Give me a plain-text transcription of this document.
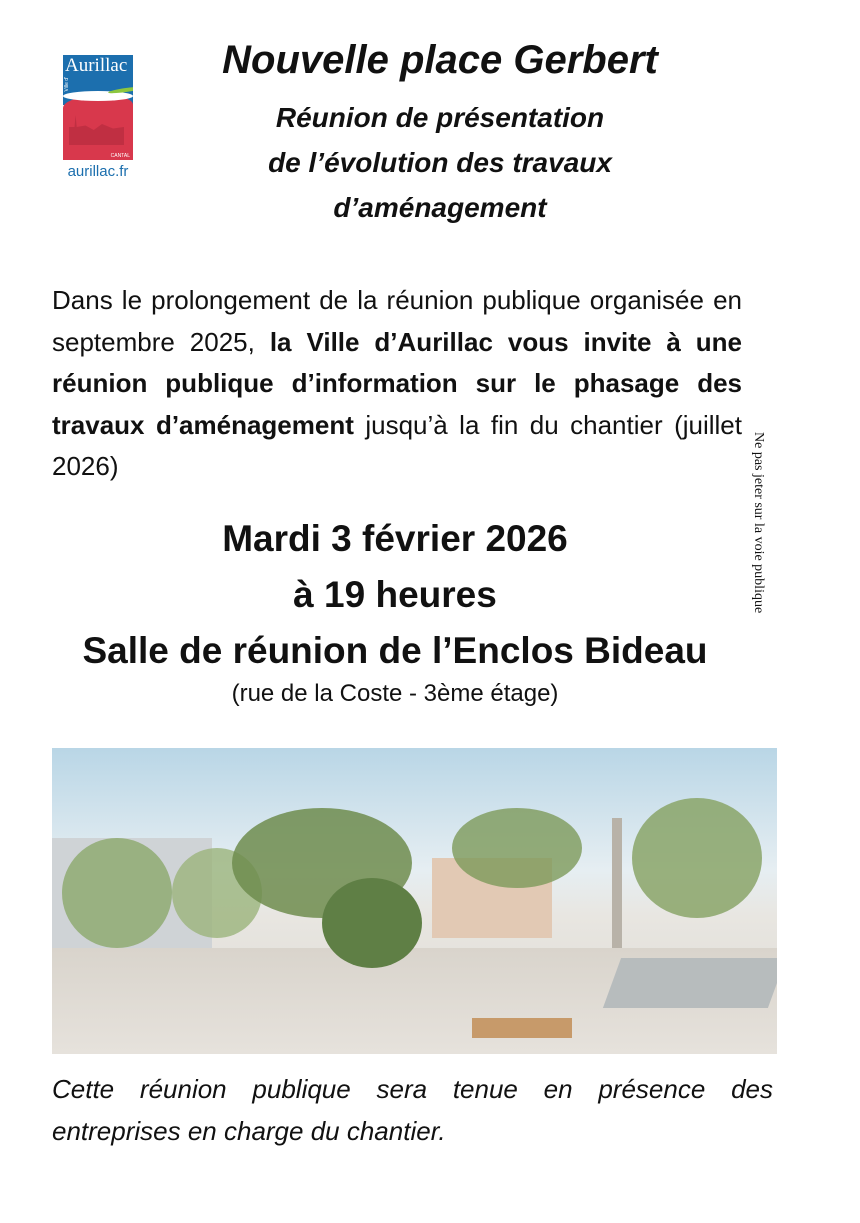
Aurillac
Ville d'
CANTAL
aurillac.fr
Nouvelle place Gerbert
Réunion de présentation
de l’évolution des travaux
d’aménagement
Dans le prolongement de la réunion publique organisée en septembre 2025, la Ville d’Aurillac vous invite à une réunion publique d’information sur le phasage des travaux d’aménagement jusqu’à la fin du chantier (juillet 2026)	Ne pas jeter sur la voie publique
Mardi 3 février 2026
à 19 heures
Salle de réunion de l’Enclos Bideau
(rue de la Coste - 3ème étage)
Cette réunion publique sera tenue en présence des entreprises en charge du chantier.
